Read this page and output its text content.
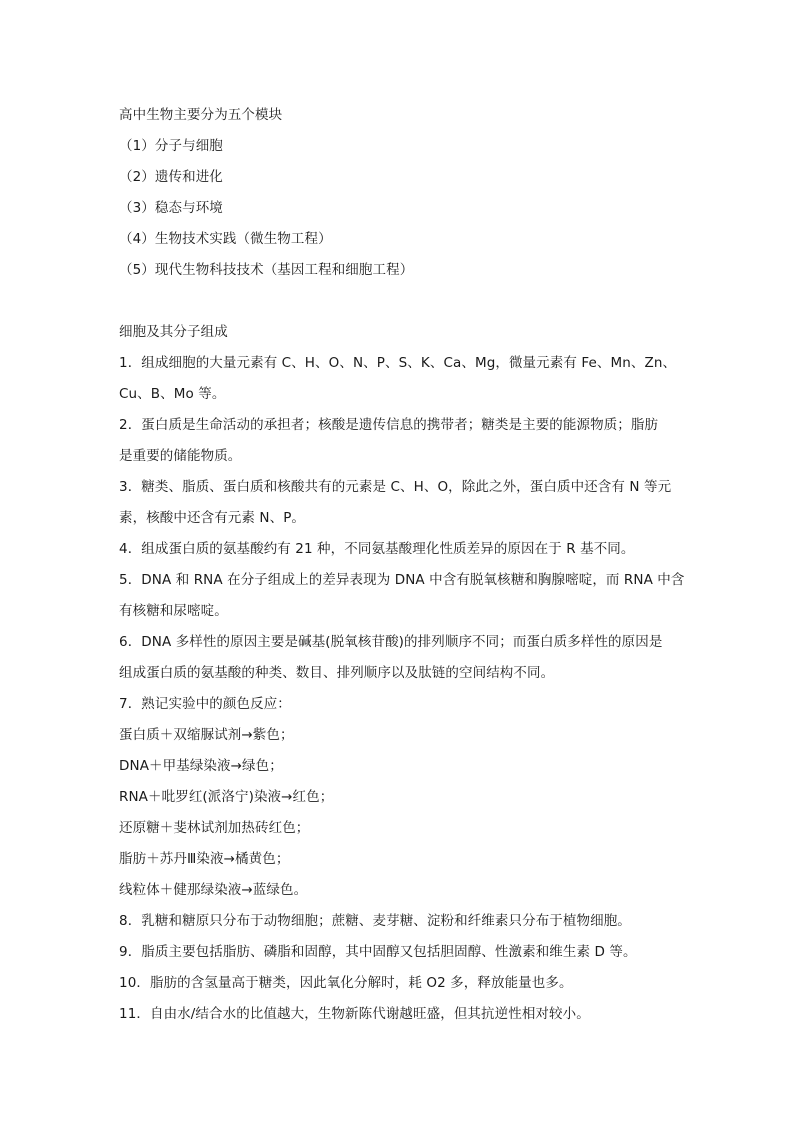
高中生物主要分为五个模块
（1）分子与细胞
（2）遗传和进化
（3）稳态与环境
（4）生物技术实践（微生物工程）
（5）现代生物科技技术（基因工程和细胞工程）
细胞及其分子组成
1．组成细胞的大量元素有 C、H、O、N、P、S、K、Ca、Mg，微量元素有 Fe、Mn、Zn、
Cu、B、Mo 等。
2．蛋白质是生命活动的承担者；核酸是遗传信息的携带者；糖类是主要的能源物质；脂肪
是重要的储能物质。
3．糖类、脂质、蛋白质和核酸共有的元素是 C、H、O，除此之外，蛋白质中还含有 N 等元
素，核酸中还含有元素 N、P。
4．组成蛋白质的氨基酸约有 21 种，不同氨基酸理化性质差异的原因在于 R 基不同。
5．DNA 和 RNA 在分子组成上的差异表现为 DNA 中含有脱氧核糖和胸腺嘧啶，而 RNA 中含
有核糖和尿嘧啶。
6．DNA 多样性的原因主要是碱基(脱氧核苷酸)的排列顺序不同；而蛋白质多样性的原因是
组成蛋白质的氨基酸的种类、数目、排列顺序以及肽链的空间结构不同。
7．熟记实验中的颜色反应：
蛋白质＋双缩脲试剂→紫色；
DNA＋甲基绿染液→绿色；
RNA＋吡罗红(派洛宁)染液→红色；
还原糖＋斐林试剂加热砖红色；
脂肪＋苏丹Ⅲ染液→橘黄色；
线粒体＋健那绿染液→蓝绿色。
8．乳糖和糖原只分布于动物细胞；蔗糖、麦芽糖、淀粉和纤维素只分布于植物细胞。
9．脂质主要包括脂肪、磷脂和固醇，其中固醇又包括胆固醇、性激素和维生素 D 等。
10．脂肪的含氢量高于糖类，因此氧化分解时，耗 O2 多，释放能量也多。
11．自由水/结合水的比值越大，生物新陈代谢越旺盛，但其抗逆性相对较小。
